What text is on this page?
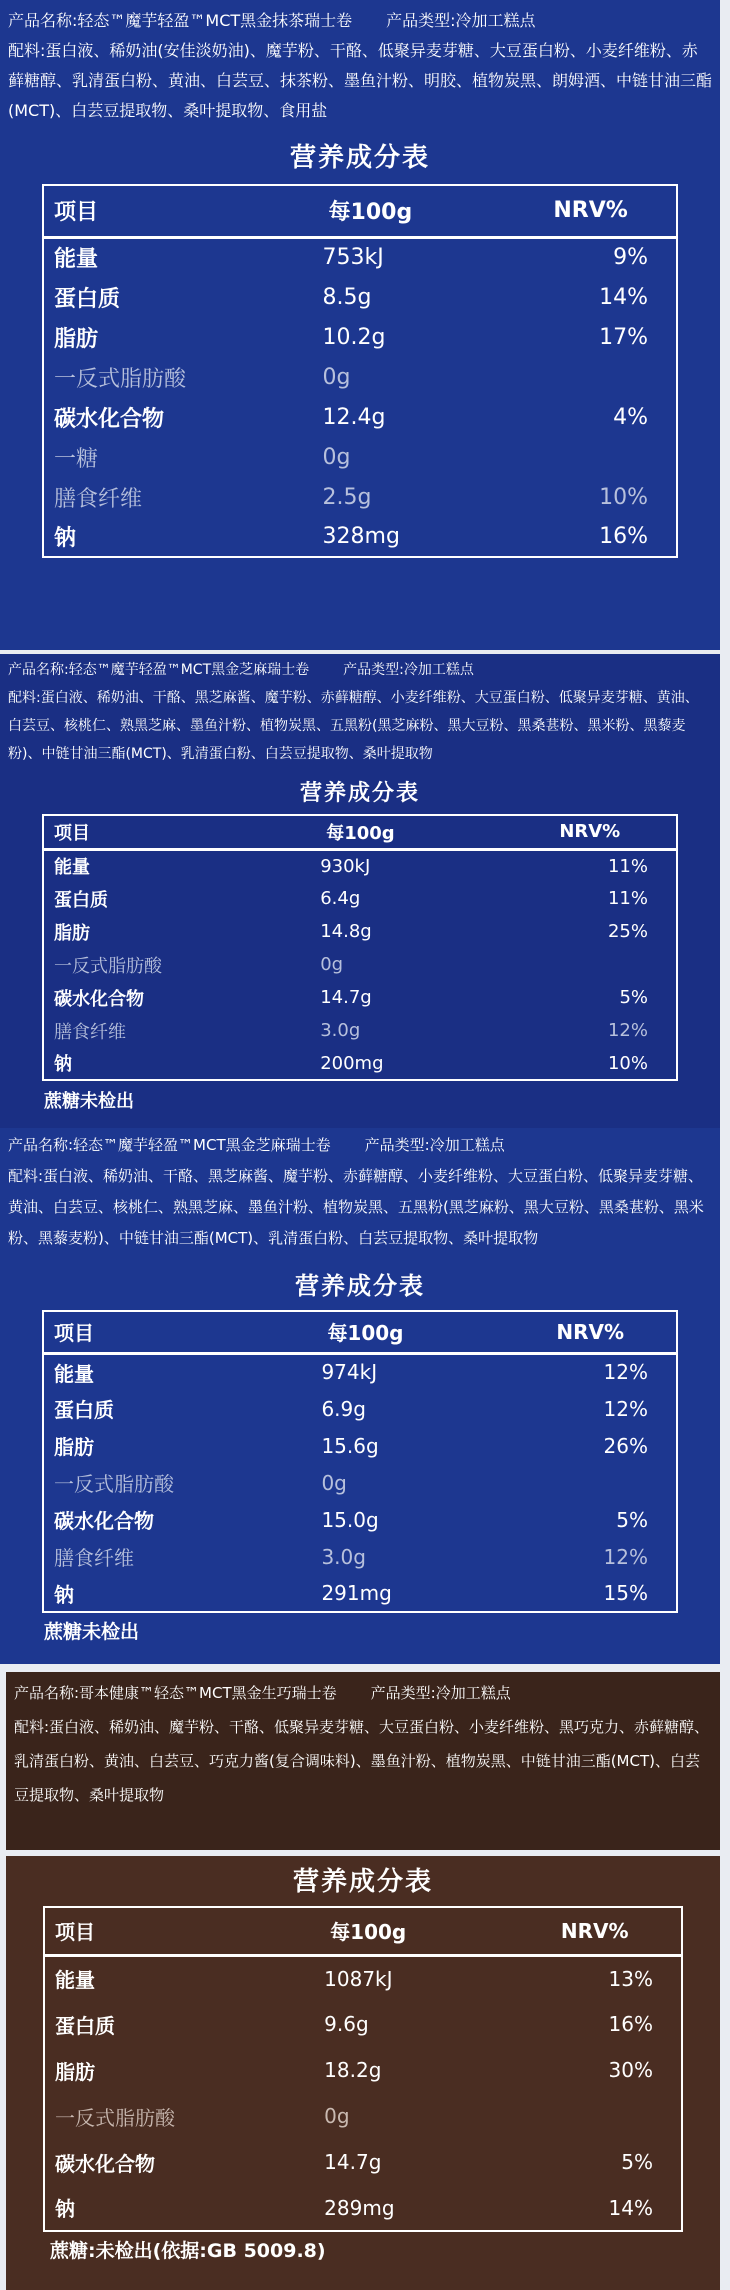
产品名称:轻态™魔芋轻盈™MCT黑金抹茶瑞士卷 产品类型:冷加工糕点
配料:蛋白液、稀奶油(安佳淡奶油)、魔芋粉、干酪、低聚异麦芽糖、大豆蛋白粉、小麦纤维粉、赤藓糖醇、乳清蛋白粉、黄油、白芸豆、抹茶粉、墨鱼汁粉、明胶、植物炭黑、朗姆酒、中链甘油三酯(MCT)、白芸豆提取物、桑叶提取物、食用盐
营养成分表
项目	每100g	NRV%
能量	753kJ	9%
蛋白质	8.5g	14%
脂肪	10.2g	17%
一反式脂肪酸	0g	
碳水化合物	12.4g	4%
一糖	0g	
膳食纤维	2.5g	10%
钠	328mg	16%
产品名称:轻态™魔芋轻盈™MCT黑金芝麻瑞士卷 产品类型:冷加工糕点
配料:蛋白液、稀奶油、干酪、黑芝麻酱、魔芋粉、赤藓糖醇、小麦纤维粉、大豆蛋白粉、低聚异麦芽糖、黄油、白芸豆、核桃仁、熟黑芝麻、墨鱼汁粉、植物炭黑、五黑粉(黑芝麻粉、黑大豆粉、黑桑葚粉、黑米粉、黑藜麦粉)、中链甘油三酯(MCT)、乳清蛋白粉、白芸豆提取物、桑叶提取物
营养成分表
项目	每100g	NRV%
能量	930kJ	11%
蛋白质	6.4g	11%
脂肪	14.8g	25%
一反式脂肪酸	0g	
碳水化合物	14.7g	5%
膳食纤维	3.0g	12%
钠	200mg	10%
蔗糖未检出
产品名称:轻态™魔芋轻盈™MCT黑金芝麻瑞士卷 产品类型:冷加工糕点
配料:蛋白液、稀奶油、干酪、黑芝麻酱、魔芋粉、赤藓糖醇、小麦纤维粉、大豆蛋白粉、低聚异麦芽糖、黄油、白芸豆、核桃仁、熟黑芝麻、墨鱼汁粉、植物炭黑、五黑粉(黑芝麻粉、黑大豆粉、黑桑葚粉、黑米粉、黑藜麦粉)、中链甘油三酯(MCT)、乳清蛋白粉、白芸豆提取物、桑叶提取物
营养成分表
项目	每100g	NRV%
能量	974kJ	12%
蛋白质	6.9g	12%
脂肪	15.6g	26%
一反式脂肪酸	0g	
碳水化合物	15.0g	5%
膳食纤维	3.0g	12%
钠	291mg	15%
蔗糖未检出
产品名称:哥本健康™轻态™MCT黑金生巧瑞士卷 产品类型:冷加工糕点
配料:蛋白液、稀奶油、魔芋粉、干酪、低聚异麦芽糖、大豆蛋白粉、小麦纤维粉、黑巧克力、赤藓糖醇、乳清蛋白粉、黄油、白芸豆、巧克力酱(复合调味料)、墨鱼汁粉、植物炭黑、中链甘油三酯(MCT)、白芸豆提取物、桑叶提取物
营养成分表
项目	每100g	NRV%
能量	1087kJ	13%
蛋白质	9.6g	16%
脂肪	18.2g	30%
一反式脂肪酸	0g	
碳水化合物	14.7g	5%
钠	289mg	14%
蔗糖:未检出(依据:GB 5009.8)
